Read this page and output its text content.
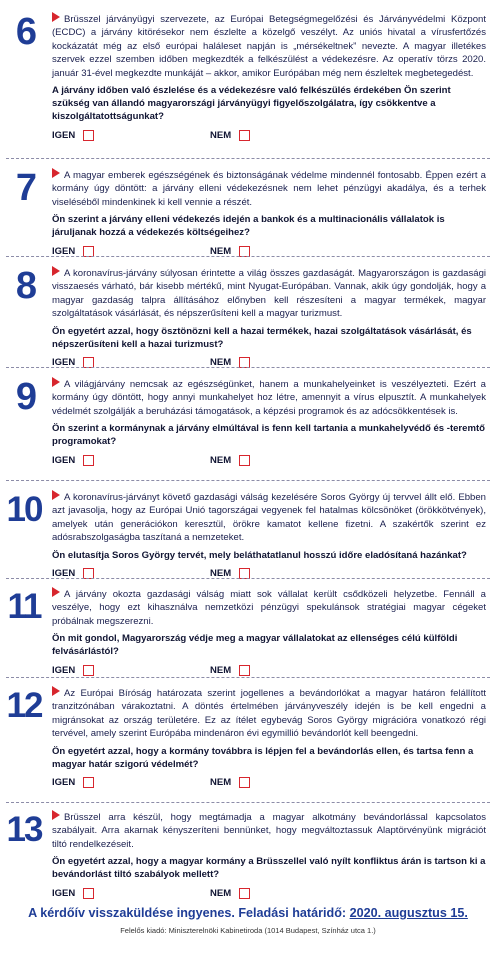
6	Brüsszel járványügyi szervezete, az Európai Betegségmegelőzési és Járványvédelmi Központ (ECDC) a járvány kitörésekor nem észlelte a közelgő veszélyt. Az uniós hivatal a vírusfertőzés kockázatát még az első európai haláleset napján is „mérsékeltnek” nevezte. A magyar illetékes szervek ezzel szemben időben megkezdték a felkészülést a védekezésre. Az operatív törzs 2020. január 31-ével megkezdte munkáját – akkor, amikor Európában még nem észleltek megbetegedést.
A járvány időben való észlelése és a védekezésre való felkészülés érdekében Ön szerint szükség van állandó magyarországi járványügyi figyelőszolgálatra, így csökkentve a kiszolgáltatottságunkat?
IGEN	NEM
7	A magyar emberek egészségének és biztonságának védelme mindennél fontosabb. Éppen ezért a kormány úgy döntött: a járvány elleni védekezésnek nem lehet pénzügyi akadálya, és a terhek viseléséből mindenkinek ki kell vennie a részét.
Ön szerint a járvány elleni védekezés idején a bankok és a multinacionális vállalatok is járuljanak hozzá a védekezés költségeihez?
IGEN	NEM
8	A koronavírus-járvány súlyosan érintette a világ összes gazdaságát. Magyarországon is gazdasági visszaesés várható, bár kisebb mértékű, mint Nyugat-Európában. Vannak, akik úgy gondolják, hogy a magyar gazdaság talpra állításához előnyben kell részesíteni a magyar termékek, magyar szolgáltatások vásárlását, és népszerűsíteni kell a magyar turizmust.
Ön egyetért azzal, hogy ösztönözni kell a hazai termékek, hazai szolgáltatások vásárlását, és népszerűsíteni kell a hazai turizmust?
IGEN	NEM
9	A világjárvány nemcsak az egészségünket, hanem a munkahelyeinket is veszélyezteti. Ezért a kormány úgy döntött, hogy annyi munkahelyet hoz létre, amennyit a vírus elpusztít. A munkahelyek védelmét szolgálják a beruházási támogatások, a képzési programok és az adócsökkentések is.
Ön szerint a kormánynak a járvány elmúltával is fenn kell tartania a munkahelyvédő és -teremtő programokat?
IGEN	NEM
10	A koronavírus-járványt követő gazdasági válság kezelésére Soros György új tervvel állt elő. Ebben azt javasolja, hogy az Európai Unió tagországai vegyenek fel hatalmas kölcsönöket (örökkötvények), amelyek után generációkon keresztül, örökre kamatot kellene fizetni. A szakértők szerint ez adósrabszolgaságba taszítaná a nemzeteket.
Ön elutasítja Soros György tervét, mely beláthatatlanul hosszú időre eladósítaná hazánkat?
IGEN	NEM
11	A járvány okozta gazdasági válság miatt sok vállalat került csődközeli helyzetbe. Fennáll a veszélye, hogy ezt kihasználva nemzetközi pénzügyi spekulánsok stratégiai magyar cégeket próbálnak megszerezni.
Ön mit gondol, Magyarország védje meg a magyar vállalatokat az ellenséges célú külföldi felvásárlástól?
IGEN	NEM
12	Az Európai Bíróság határozata szerint jogellenes a bevándorlókat a magyar határon felállított tranzitzónában várakoztatni. A döntés értelmében járványveszély idején is be kell engedni a migránsokat az ország területére. Ez az ítélet egybevág Soros György migrációra vonatkozó régi tervével, amely szerint Európába mindenáron évi egymillió bevándorlót kell beengedni.
Ön egyetért azzal, hogy a kormány továbbra is lépjen fel a bevándorlás ellen, és tartsa fenn a magyar határ szigorú védelmét?
IGEN	NEM
13	Brüsszel arra készül, hogy megtámadja a magyar alkotmány bevándorlással kapcsolatos szabályait. Arra akarnak kényszeríteni bennünket, hogy megváltoztassuk Alaptörvényünk migrációt tiltó rendelkezéseit.
Ön egyetért azzal, hogy a magyar kormány a Brüsszellel való nyílt konfliktus árán is tartson ki a bevándorlást tiltó szabályok mellett?
IGEN	NEM
A kérdőív visszaküldése ingyenes. Feladási határidő: 2020. augusztus 15.
Felelős kiadó: Miniszterelnöki Kabinetiroda (1014 Budapest, Színház utca 1.)
